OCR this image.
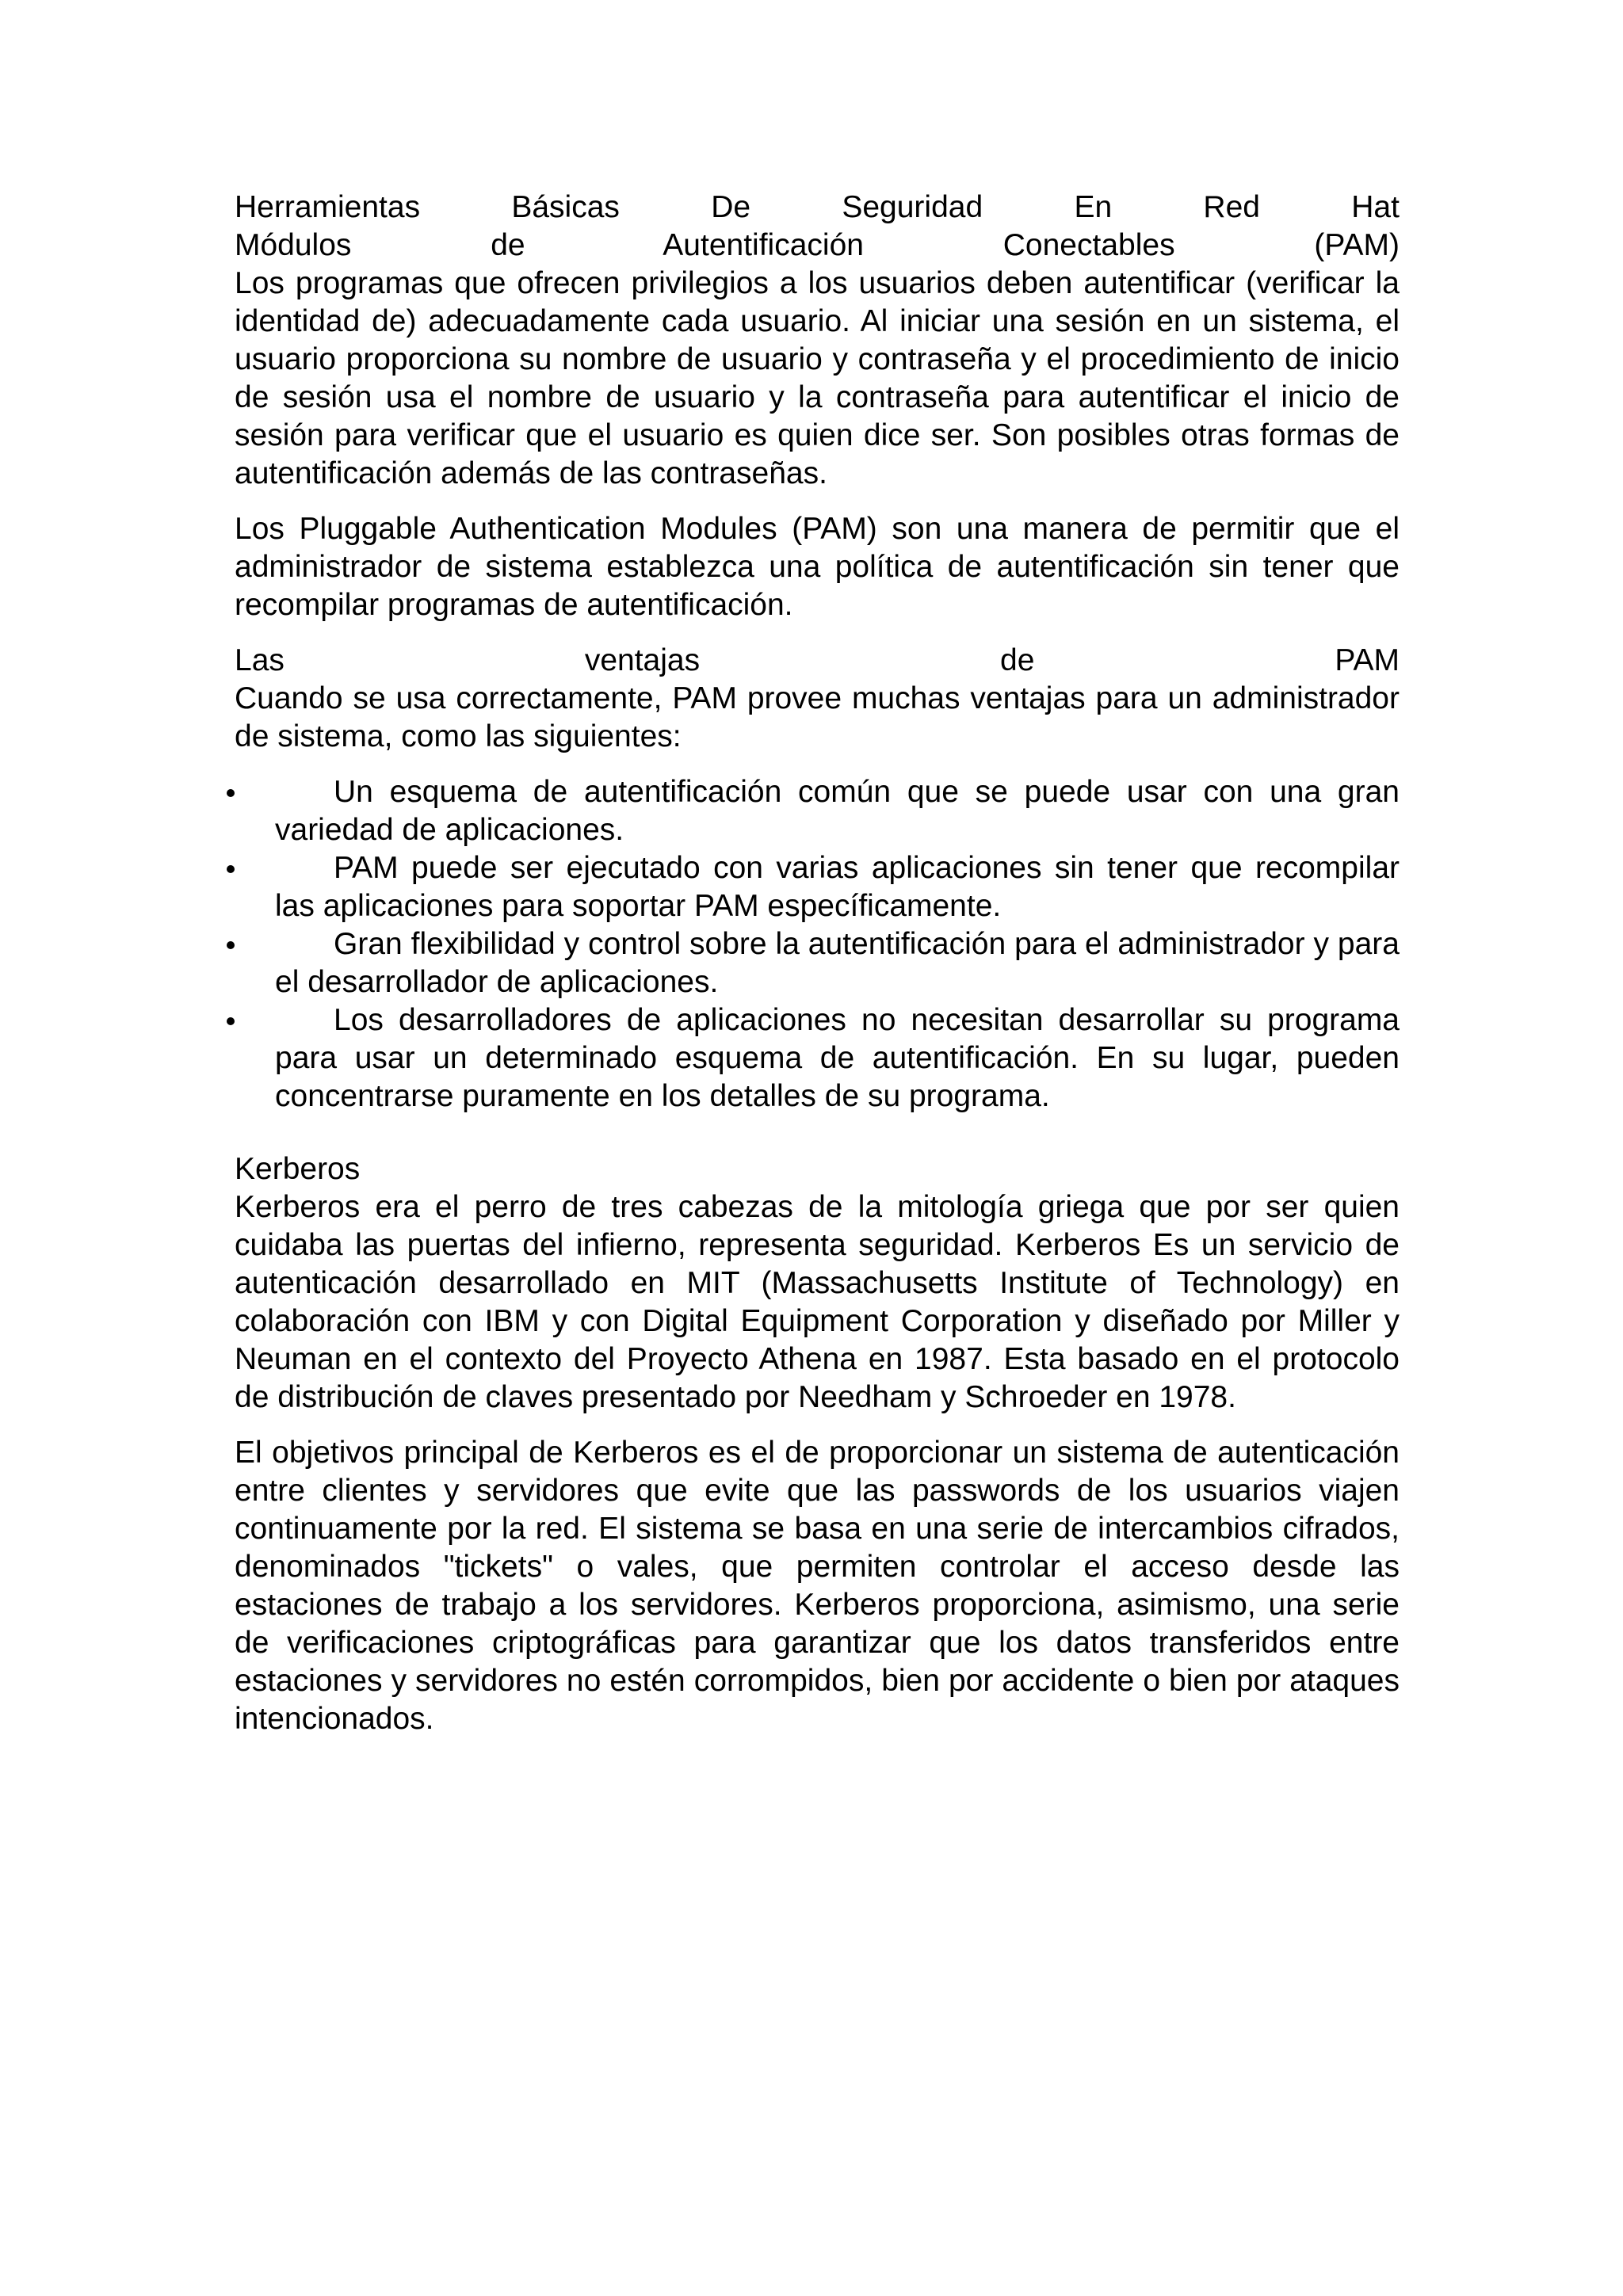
Herramientas	Básicas	De	Seguridad	En	Red	Hat

Módulos	de	Autentificación	Conectables	(PAM)

Los programas que ofrecen privilegios a los usuarios deben autentificar (verificar la identidad de) adecuadamente cada usuario. Al iniciar una sesión en un sistema, el usuario proporciona su nombre de usuario y contraseña y el procedimiento de inicio de sesión usa el nombre de usuario y la contraseña para autentificar el inicio de sesión para verificar que el usuario es quien dice ser. Son posibles otras formas de autentificación además de las contraseñas.

Los Pluggable Authentication Modules (PAM) son una manera de permitir que el administrador de sistema establezca una política de autentificación sin tener que recompilar programas de autentificación.

Las	ventajas	de	PAM

Cuando se usa correctamente, PAM provee muchas ventajas para un administrador de sistema, como las siguientes:

Un esquema de autentificación común que se puede usar con una gran variedad de aplicaciones.
PAM puede ser ejecutado con varias aplicaciones sin tener que recompilar las aplicaciones para soportar PAM específicamente.
Gran flexibilidad y control sobre la autentificación para el administrador y para el desarrollador de aplicaciones.
Los desarrolladores de aplicaciones no necesitan desarrollar su programa para usar un determinado esquema de autentificación. En su lugar, pueden concentrarse puramente en los detalles de su programa.

Kerberos

Kerberos era el perro de tres cabezas de la mitología griega que por ser quien cuidaba las puertas del infierno, representa seguridad. Kerberos Es un servicio de autenticación desarrollado en MIT (Massachusetts Institute of Technology) en colaboración con IBM y con Digital Equipment Corporation y diseñado por Miller y Neuman en el contexto del Proyecto Athena en 1987. Esta basado en el protocolo de distribución de claves presentado por Needham y Schroeder en 1978.

El objetivos principal de Kerberos es el de proporcionar un sistema de autenticación entre clientes y servidores que evite que las passwords de los usuarios viajen continuamente por la red. El sistema se basa en una serie de intercambios cifrados, denominados "tickets" o vales, que permiten controlar el acceso desde las estaciones de trabajo a los servidores. Kerberos proporciona, asimismo, una serie de verificaciones criptográficas para garantizar que los datos transferidos entre estaciones y servidores no estén corrompidos, bien por accidente o bien por ataques intencionados.
